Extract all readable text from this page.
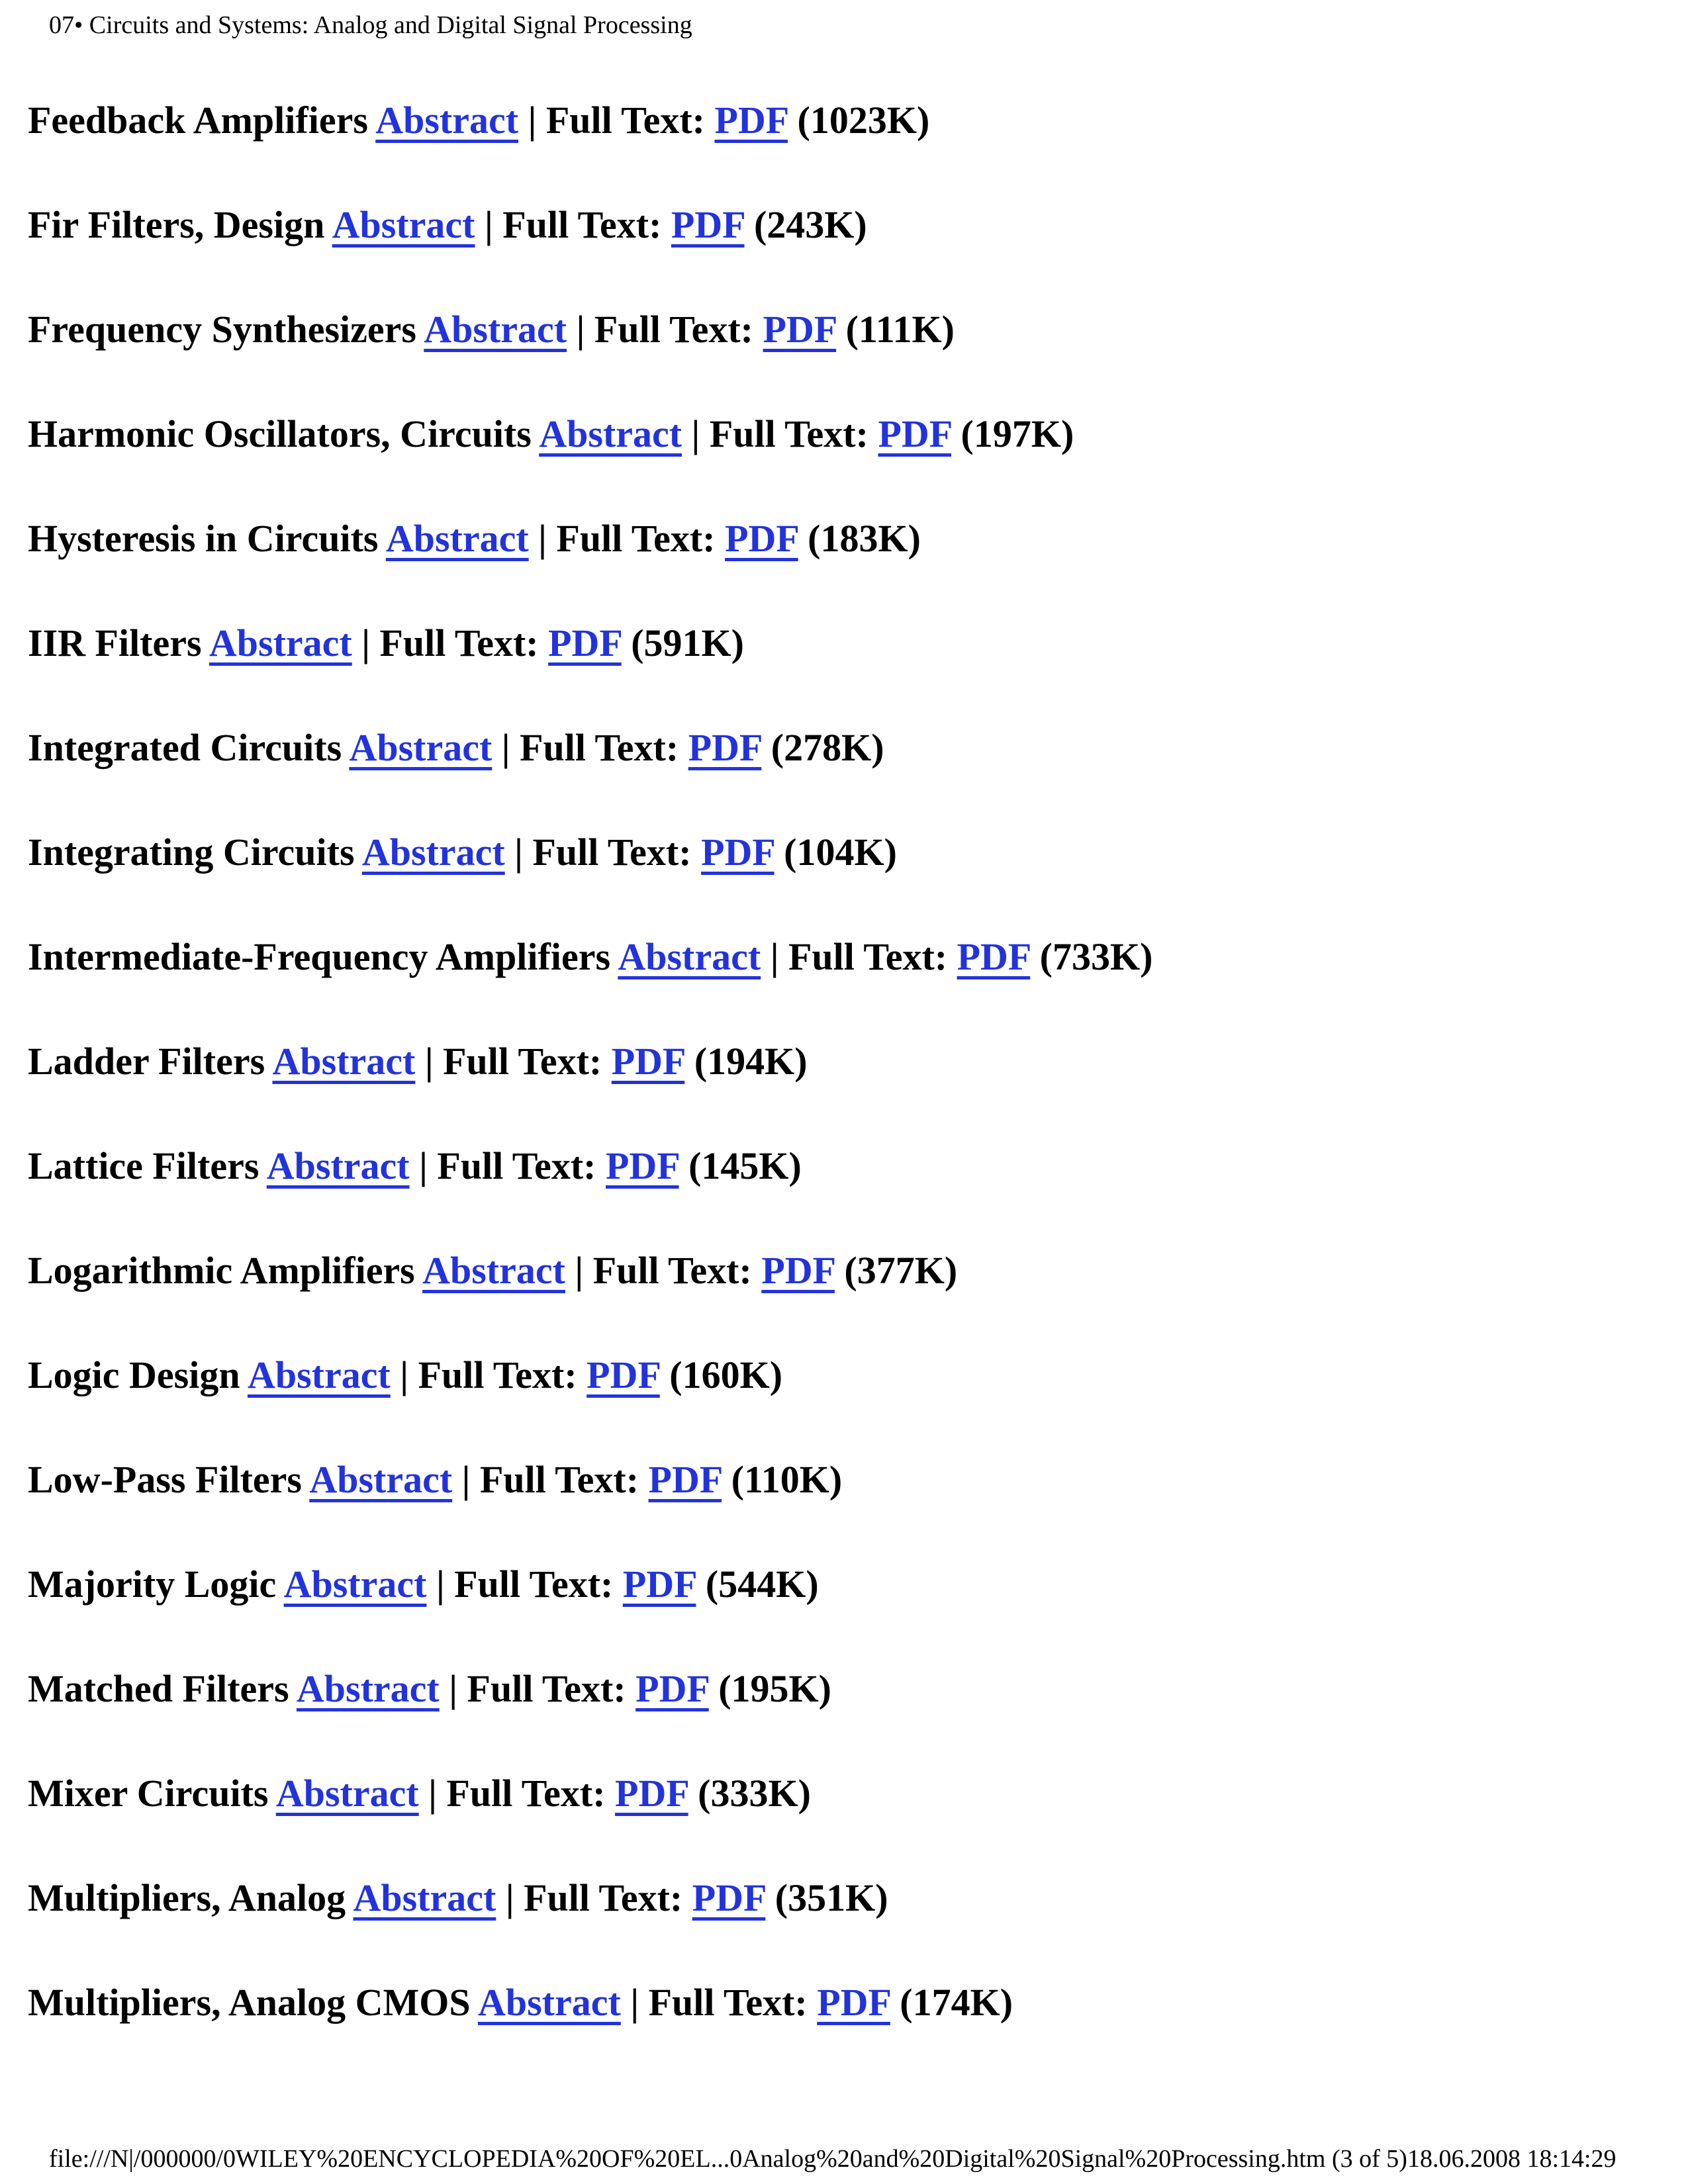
07• Circuits and Systems: Analog and Digital Signal Processing
Feedback Amplifiers Abstract | Full Text: PDF (1023K)
Fir Filters, Design Abstract | Full Text: PDF (243K)
Frequency Synthesizers Abstract | Full Text: PDF (111K)
Harmonic Oscillators, Circuits Abstract | Full Text: PDF (197K)
Hysteresis in Circuits Abstract | Full Text: PDF (183K)
IIR Filters Abstract | Full Text: PDF (591K)
Integrated Circuits Abstract | Full Text: PDF (278K)
Integrating Circuits Abstract | Full Text: PDF (104K)
Intermediate-Frequency Amplifiers Abstract | Full Text: PDF (733K)
Ladder Filters Abstract | Full Text: PDF (194K)
Lattice Filters Abstract | Full Text: PDF (145K)
Logarithmic Amplifiers Abstract | Full Text: PDF (377K)
Logic Design Abstract | Full Text: PDF (160K)
Low-Pass Filters Abstract | Full Text: PDF (110K)
Majority Logic Abstract | Full Text: PDF (544K)
Matched Filters Abstract | Full Text: PDF (195K)
Mixer Circuits Abstract | Full Text: PDF (333K)
Multipliers, Analog Abstract | Full Text: PDF (351K)
Multipliers, Analog CMOS Abstract | Full Text: PDF (174K)
file:///N|/000000/0WILEY%20ENCYCLOPEDIA%20OF%20EL...0Analog%20and%20Digital%20Signal%20Processing.htm (3 of 5)18.06.2008 18:14:29
